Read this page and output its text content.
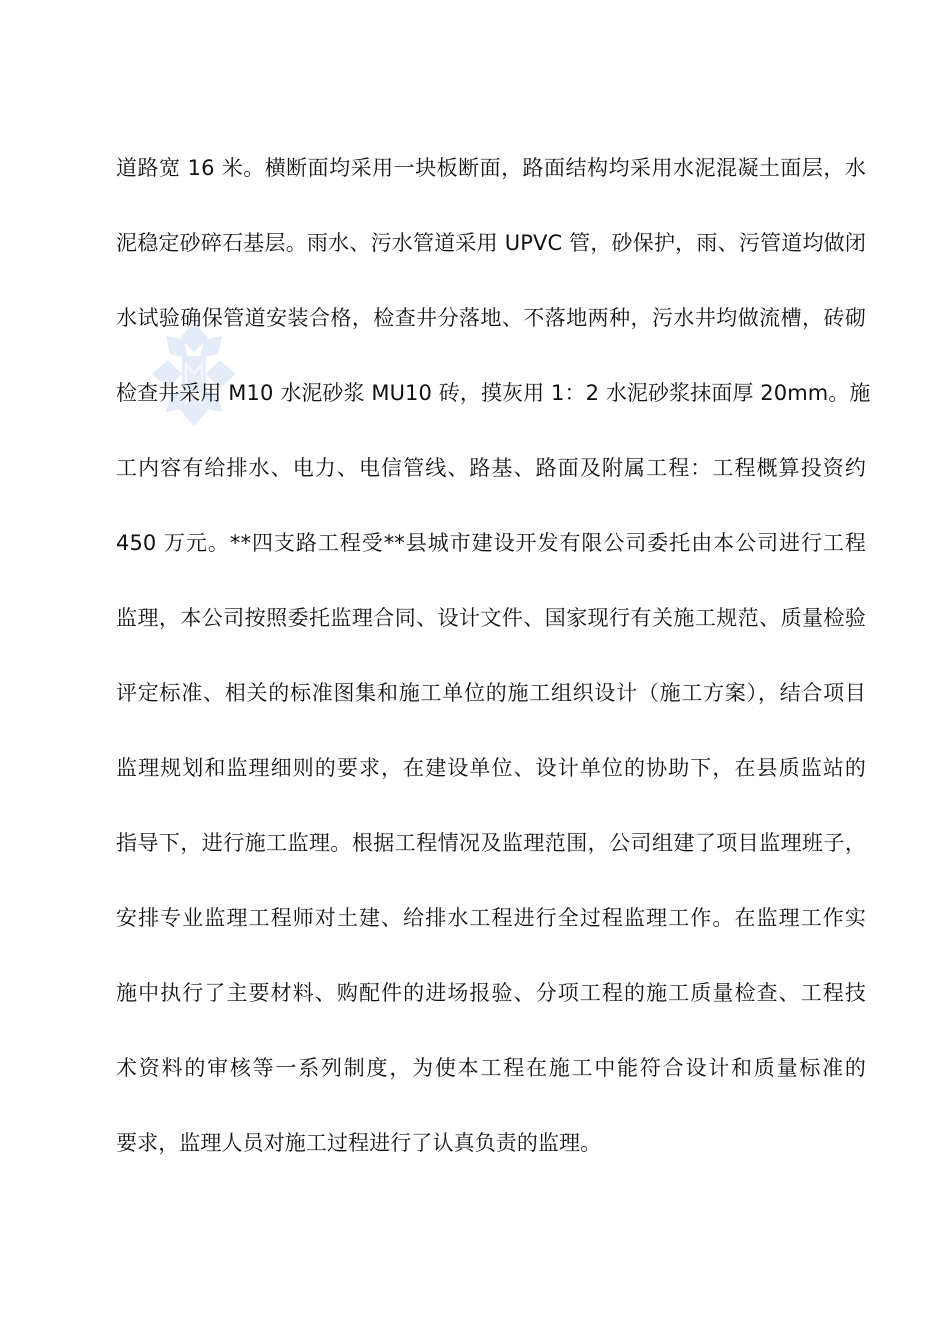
道路宽 16 米。横断面均采用一块板断面，路面结构均采用水泥混凝土面层，水
泥稳定砂碎石基层。雨水、污水管道采用 UPVC 管，砂保护，雨、污管道均做闭
水试验确保管道安装合格，检查井分落地、不落地两种，污水井均做流槽，砖砌
检查井采用 M10 水泥砂浆 MU10 砖，摸灰用 1：2 水泥砂浆抹面厚 20mm。施
工内容有给排水、电力、电信管线、路基、路面及附属工程：工程概算投资约
450 万元。**四支路工程受**县城市建设开发有限公司委托由本公司进行工程
监理，本公司按照委托监理合同、设计文件、国家现行有关施工规范、质量检验
评定标准、相关的标准图集和施工单位的施工组织设计（施工方案），结合项目
监理规划和监理细则的要求，在建设单位、设计单位的协助下，在县质监站的
指导下，进行施工监理。根据工程情况及监理范围，公司组建了项目监理班子，
安排专业监理工程师对土建、给排水工程进行全过程监理工作。在监理工作实
施中执行了主要材料、购配件的进场报验、分项工程的施工质量检查、工程技
术资料的审核等一系列制度，为使本工程在施工中能符合设计和质量标准的
要求，监理人员对施工过程进行了认真负责的监理。
